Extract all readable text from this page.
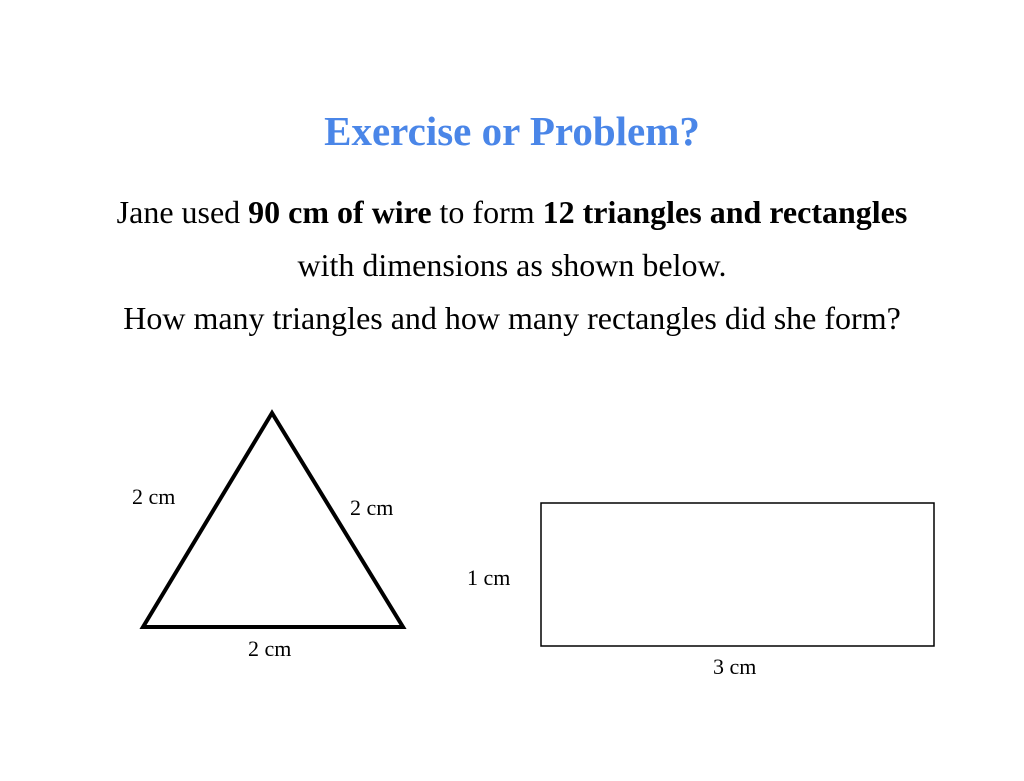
Exercise or Problem?
Jane used 90 cm of wire to form 12 triangles and rectangles
with dimensions as shown below.
How many triangles and how many rectangles did she form?
2 cm	2 cm
2 cm
1 cm
3 cm
